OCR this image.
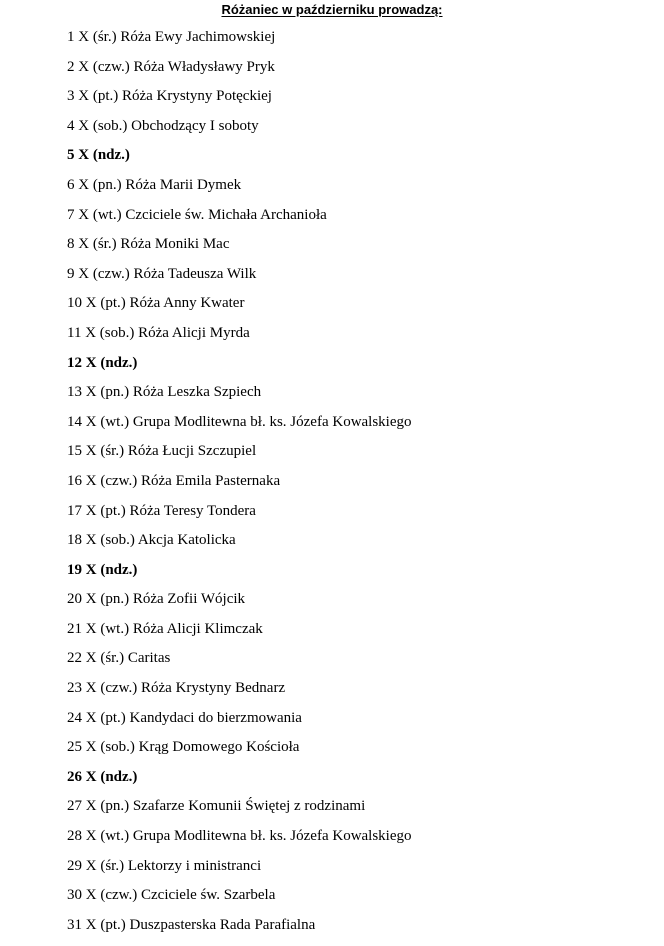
Różaniec w październiku prowadzą:
1 X (śr.) Róża Ewy Jachimowskiej
2 X (czw.) Róża Władysławy Pryk
3 X (pt.) Róża Krystyny Potęckiej
4 X (sob.) Obchodzący I soboty
5 X (ndz.)
6 X (pn.) Róża Marii Dymek
7 X (wt.) Czciciele św. Michała Archanioła
8 X (śr.) Róża Moniki Mac
9 X (czw.) Róża Tadeusza Wilk
10 X (pt.) Róża Anny Kwater
11 X (sob.) Róża Alicji Myrda
12 X (ndz.)
13 X (pn.) Róża Leszka Szpiech
14 X (wt.) Grupa Modlitewna bł. ks. Józefa Kowalskiego
15 X (śr.) Róża Łucji Szczupiel
16 X (czw.) Róża Emila Pasternaka
17 X (pt.) Róża Teresy Tondera
18 X (sob.) Akcja Katolicka
19 X (ndz.)
20 X (pn.) Róża Zofii Wójcik
21 X (wt.) Róża Alicji Klimczak
22 X (śr.) Caritas
23 X (czw.) Róża Krystyny Bednarz
24 X (pt.) Kandydaci do bierzmowania
25 X (sob.) Krąg Domowego Kościoła
26 X (ndz.)
27 X (pn.) Szafarze Komunii Świętej z rodzinami
28 X (wt.) Grupa Modlitewna bł. ks. Józefa Kowalskiego
29 X (śr.) Lektorzy i ministranci
30 X (czw.) Czciciele św. Szarbela
31 X (pt.) Duszpasterska Rada Parafialna
